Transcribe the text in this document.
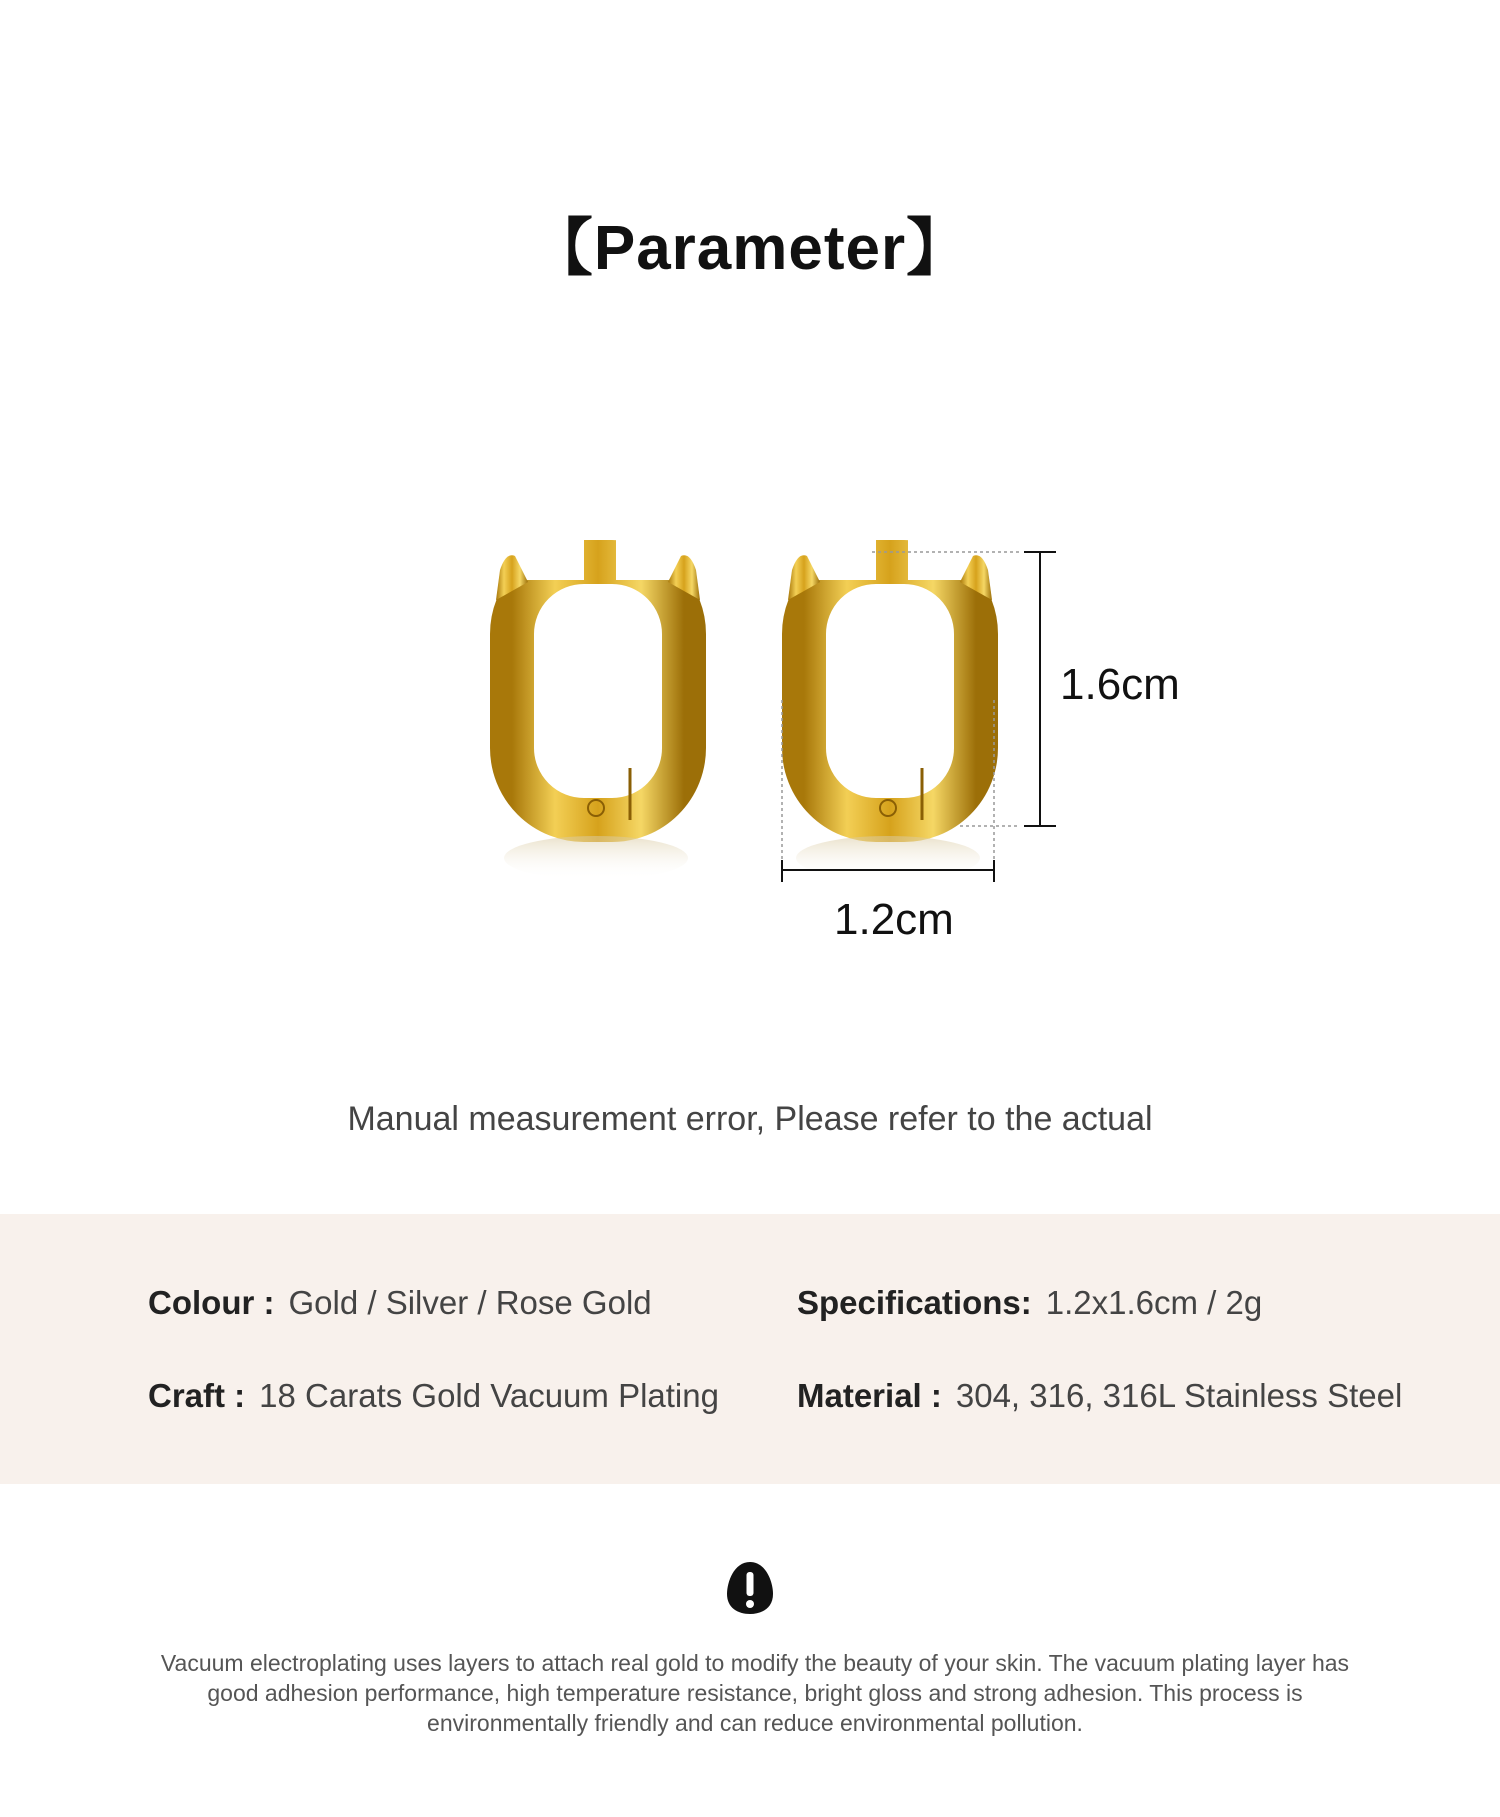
【Parameter】
1.6cm
1.2cm
Manual measurement error, Please refer to the actual
Colour : Gold / Silver / Rose Gold	Specifications: 1.2x1.6cm / 2g
Craft : 18 Carats Gold Vacuum Plating Material : 304, 316, 316L Stainless Steel
Vacuum electroplating uses layers to attach real gold to modify the beauty of your skin. The vacuum plating layer has good adhesion performance, high temperature resistance, bright gloss and strong adhesion. This process is environmentally friendly and can reduce environmental pollution.
